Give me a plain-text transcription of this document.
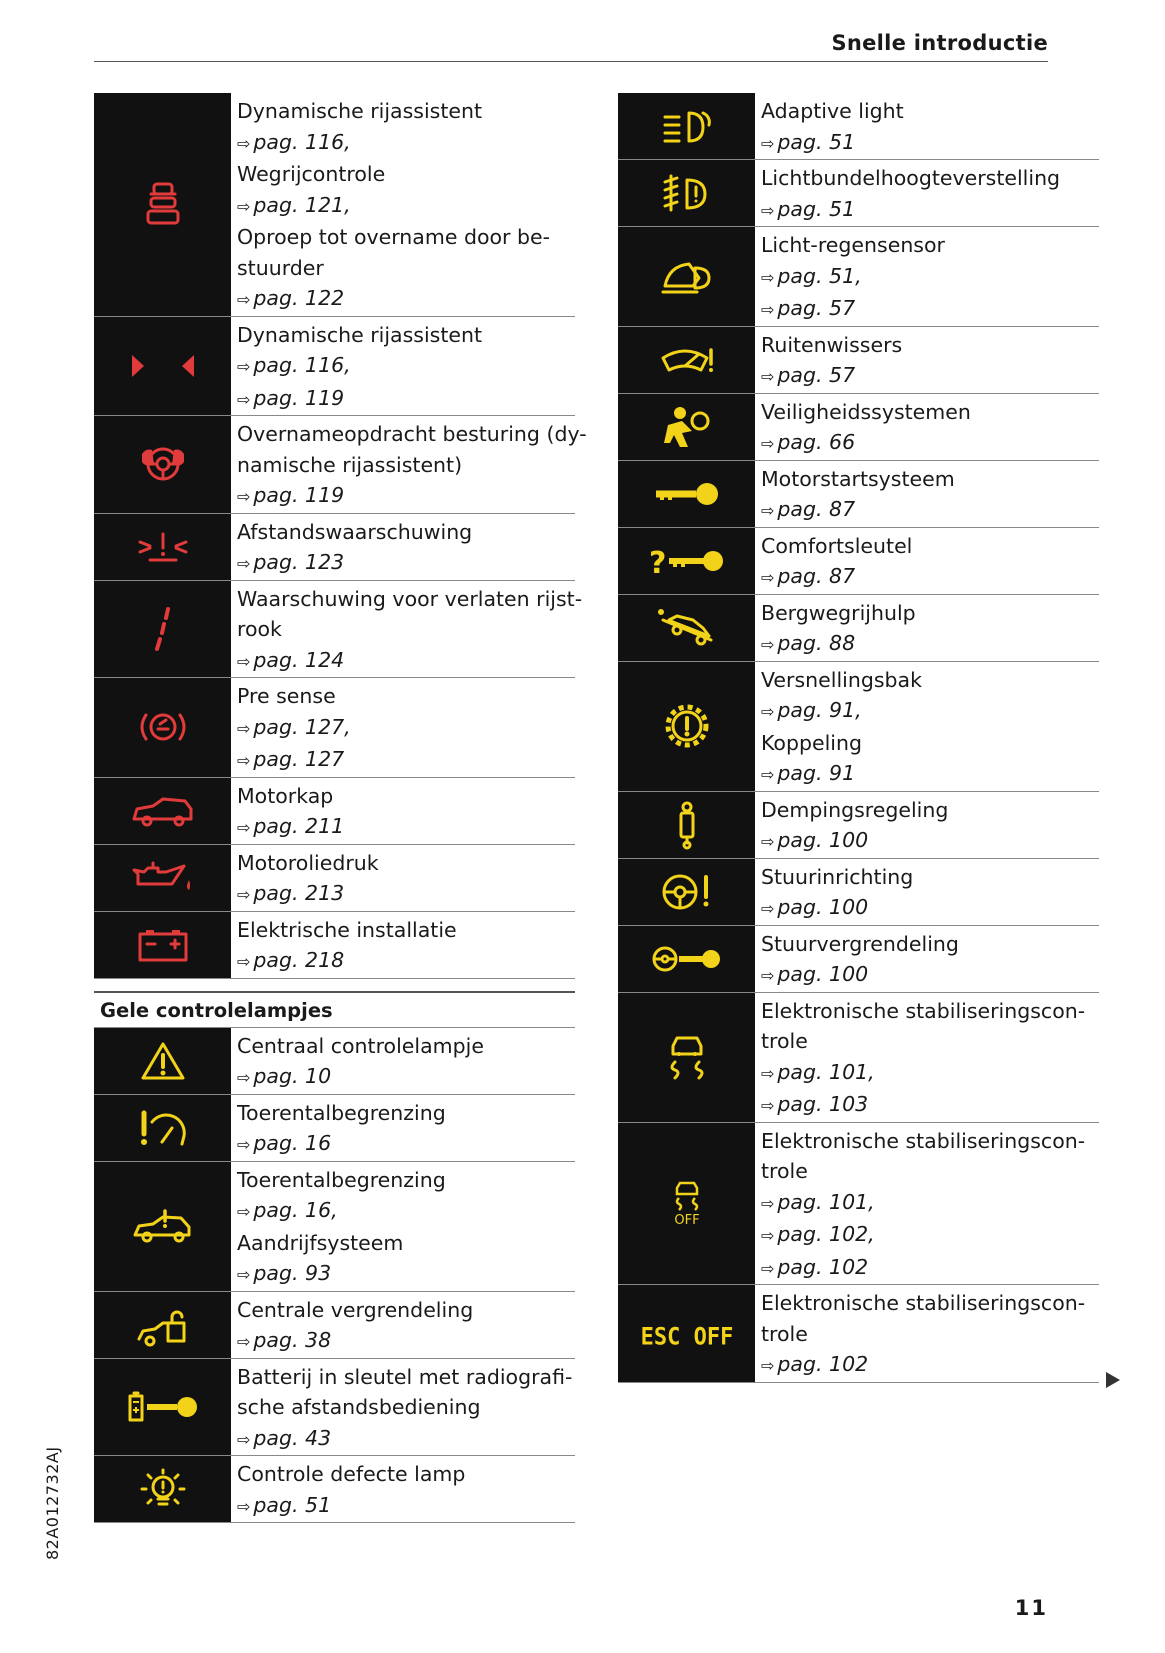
Snelle introductie
Dynamische rijassistent
⇨ pag. 116,
Wegrijcontrole
⇨ pag. 121,
Oproep tot overname door be-
stuurder
⇨ pag. 122
Dynamische rijassistent
⇨ pag. 116,
⇨ pag. 119
Overnameopdracht besturing (dy-
namische rijassistent)
⇨ pag. 119
Afstandswaarschuwing
⇨ pag. 123
Waarschuwing voor verlaten rijst-
rook
⇨ pag. 124
Pre sense
⇨ pag. 127,
⇨ pag. 127
Motorkap
⇨ pag. 211
Motoroliedruk
⇨ pag. 213
Elektrische installatie
⇨ pag. 218
Gele controlelampjes
Centraal controlelampje
⇨ pag. 10
Toerentalbegrenzing
⇨ pag. 16
Toerentalbegrenzing
⇨ pag. 16,
Aandrijfsysteem
⇨ pag. 93
Centrale vergrendeling
⇨ pag. 38
Batterij in sleutel met radiografi-
sche afstandsbediening
⇨ pag. 43
Controle defecte lamp
⇨ pag. 51
Adaptive light
⇨ pag. 51
Lichtbundelhoogteverstelling
⇨ pag. 51
Licht-regensensor
⇨ pag. 51,
⇨ pag. 57
Ruitenwissers
⇨ pag. 57
Veiligheidssystemen
⇨ pag. 66
Motorstartsysteem
⇨ pag. 87
?	Comfortsleutel
⇨ pag. 87
Bergwegrijhulp
⇨ pag. 88
Versnellingsbak
⇨ pag. 91,
Koppeling
⇨ pag. 91
Dempingsregeling
⇨ pag. 100
Stuurinrichting
⇨ pag. 100
Stuurvergrendeling
⇨ pag. 100
Elektronische stabiliseringscon-
trole
⇨ pag. 101,
⇨ pag. 103
OFF
Elektronische stabiliseringscon-
trole
⇨ pag. 101,
⇨ pag. 102,
⇨ pag. 102
ESC OFF
Elektronische stabiliseringscon-
trole
⇨ pag. 102
82A012732AJ
11
